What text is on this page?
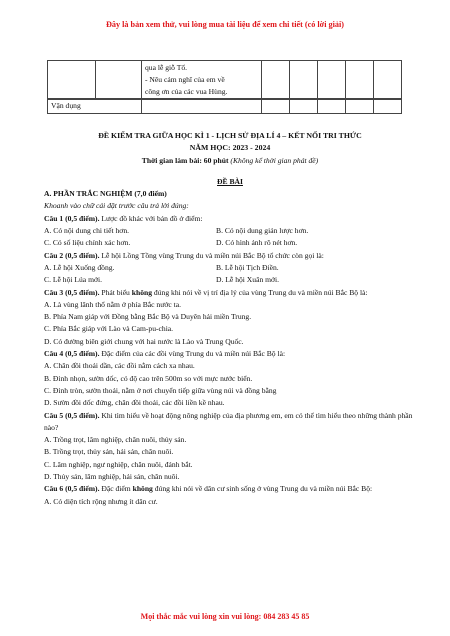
Đây là bản xem thử, vui lòng mua tài liệu để xem chi tiết (có lời giải)

qua lễ giỗ Tổ.
- Nêu cảm nghĩ của em về
công ơn của các vua Hùng.

Vận dụng						
ĐỀ KIỂM TRA GIỮA HỌC KÌ 1 - LỊCH SỬ ĐỊA LÍ 4 – KẾT NỐI TRI THỨC
NĂM HỌC: 2023 - 2024
Thời gian làm bài: 60 phút (Không kể thời gian phát đề)
ĐỀ BÀI
A. PHẦN TRẮC NGHIỆM (7,0 điểm)
Khoanh vào chữ cái đặt trước câu trả lời đúng:
Câu 1 (0,5 điểm). Lược đồ khác với bản đồ ở điểm:
A. Có nội dung chi tiết hơn.	B. Có nội dung giản lược hơn.
C. Có số liệu chính xác hơn.	D. Có hình ảnh rõ nét hơn.
Câu 2 (0,5 điểm). Lễ hội Lồng Tồng vùng Trung du và miền núi Bắc Bộ tổ chức còn gọi là:
A. Lễ hội Xuống đồng.	B. Lễ hội Tịch Điền.
C. Lễ hội Lúa mới.	D. Lễ hội Xuân mới.
Câu 3 (0,5 điểm). Phát biểu không đúng khi nói về vị trí địa lý của vùng Trung du và miền núi Bắc Bộ là:
A. Là vùng lãnh thổ nằm ở phía Bắc nước ta.
B. Phía Nam giáp với Đồng bằng Bắc Bộ và Duyên hải miền Trung.
C. Phía Bắc giáp với Lào và Cam-pu-chia.
D. Có đường biên giới chung với hai nước là Lào và Trung Quốc.
Câu 4 (0,5 điểm). Đặc điểm của các đồi vùng Trung du và miền núi Bắc Bộ là:
A. Chân đồi thoải dần, các đồi nằm cách xa nhau.
B. Đỉnh nhọn, sườn dốc, có độ cao trên 500m so với mực nước biển.
C. Đỉnh tròn, sườn thoải, nằm ở nơi chuyển tiếp giữa vùng núi và đồng bằng
D. Sườn đồi dốc đứng, chân đồi thoải, các đồi liền kề nhau.
Câu 5 (0,5 điểm). Khi tìm hiểu về hoạt động nông nghiệp của địa phương em, em có thể tìm hiểu theo những thành phần nào?
A. Trồng trọt, lâm nghiệp, chăn nuôi, thủy sản.
B. Trồng trọt, thủy sản, hải sản, chăn nuôi.
C. Lâm nghiệp, ngư nghiệp, chăn nuôi, đánh bắt.
D. Thủy sản, lâm nghiệp, hải sản, chăn nuôi.
Câu 6 (0,5 điểm). Đặc điểm không đúng khi nói về dân cư sinh sống ở vùng Trung du và miền núi Bắc Bộ:
A. Có diện tích rộng nhưng ít dân cư.
Mọi thắc mắc vui lòng xin vui lòng: 084 283 45 85
